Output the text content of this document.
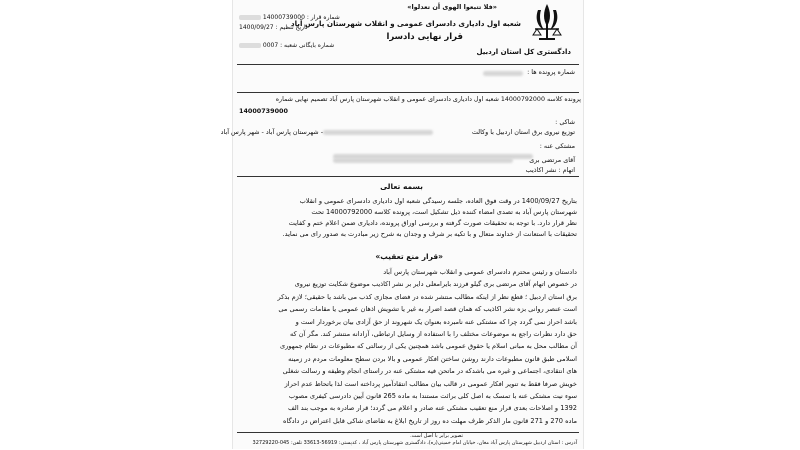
«فلا تتبعوا الهوی أن تعدلوا»
شعبه اول دادیاری دادسرای عمومی و انقلاب شهرستان پارس آباد
قرار نهایی دادسرا
دادگستری کل استان اردبیل
شماره قرار : 14000739000
تاریخ تنظیم : 1400/09/27
شماره بایگانی شعبه : 0007
شماره پرونده ها :
پرونده کلاسه 14000792000 شعبه اول دادیاری دادسرای عمومی و انقلاب شهرستان پارس آباد تصمیم نهایی شماره
14000739000
شاکی :
توزیع نیروی برق استان اردبیل با وکالت
- شهرستان پارس آباد - شهر پارس آباد
مشتکی عنه :
آقای مرتضی بری
اتهام : نشر اکاذیب
بسمه تعالی
بتاریخ 1400/09/27 در وقت فوق العاده، جلسه رسیدگی شعبه اول دادیاری دادسرای عمومی و انقلاب
شهرستان پارس آباد به تصدی امضاء کننده ذیل تشکیل است، پرونده کلاسه 14000792000 تحت
نظر قرار دارد. با توجه به تحقیقات صورت گرفته و بررسی اوراق پرونده، دادیاری ضمن اعلام ختم و کفایت
تحقیقات با استعانت از خداوند متعال و با تکیه بر شرف و وجدان به شرح زیر مبادرت به صدور رای می نماید.
«قرار منع تعقیب»
دادستان و رئیس محترم دادسرای عمومی و انقلاب شهرستان پارس آباد
در خصوص اتهام آقای مرتضی بری گیلو فرزند بایرامعلی دایر بر نشر اکاذیب موضوع شکایت توزیع نیروی
برق استان اردبیل ؛ قطع نظر از اینکه مطالب منتشر شده در فضای مجازی کذب می باشد یا حقیقی؛ لازم بذکر
است عنصر روانی بزه نشر اکاذیب که همان قصد اضرار به غیر یا تشویش اذهان عمومی یا مقامات رسمی می
باشد احراز نمی گردد چرا که مشتکی عنه نامبرده بعنوان یک شهروند از حق آزادی بیان برخوردار است و
حق دارد نظرات راجع به موضوعات مختلف را با استفاده از وسایل ارتباطی، آزادانه منتشر کند. مگر آن که
آن مطالب محل به مبانی اسلام یا حقوق عمومی باشد همچنین یکی از رسالتی که مطبوعات در نظام جمهوری
اسلامی طبق قانون مطبوعات دارند روشن ساختن افکار عمومی و بالا بردن سطح معلومات مردم در زمینه
های انتقادی، اجتماعی و غیره می باشدکه در ماتحن فیه مشتکی عنه در راستای انجام وظیفه و رسالت شغلی
خویش صرفا فقط به تنویر افکار عمومی در قالب بیان مطالب انتقادآمیز پرداخته است لذا باتحاظ عدم احراز
سوء نیت مشتکی عنه با تمسک به اصل کلی برائت مستندا به ماده 265 قانون آیین دادرسی کیفری مصوب
1392 و اصلاحات بعدی قرار منع تعقیب مشتکی عنه صادر و اعلام می گردد؛ قرار صادره به موجب بند الف
ماده 270 و 271 قانون مار الذکر ظرف مهلت ده روز از تاریخ ابلاغ به تقاضای شاکی قابل اعتراض در دادگاه
تصویر برابر با اصل است.
آدرس : استان اردبیل شهرستان پارس آباد مغان، خیابان امام خمینی(ره)، دادگستری شهرستان پارس آباد ، کدپستی: 56919-33613 تلفن: 045-32729220
